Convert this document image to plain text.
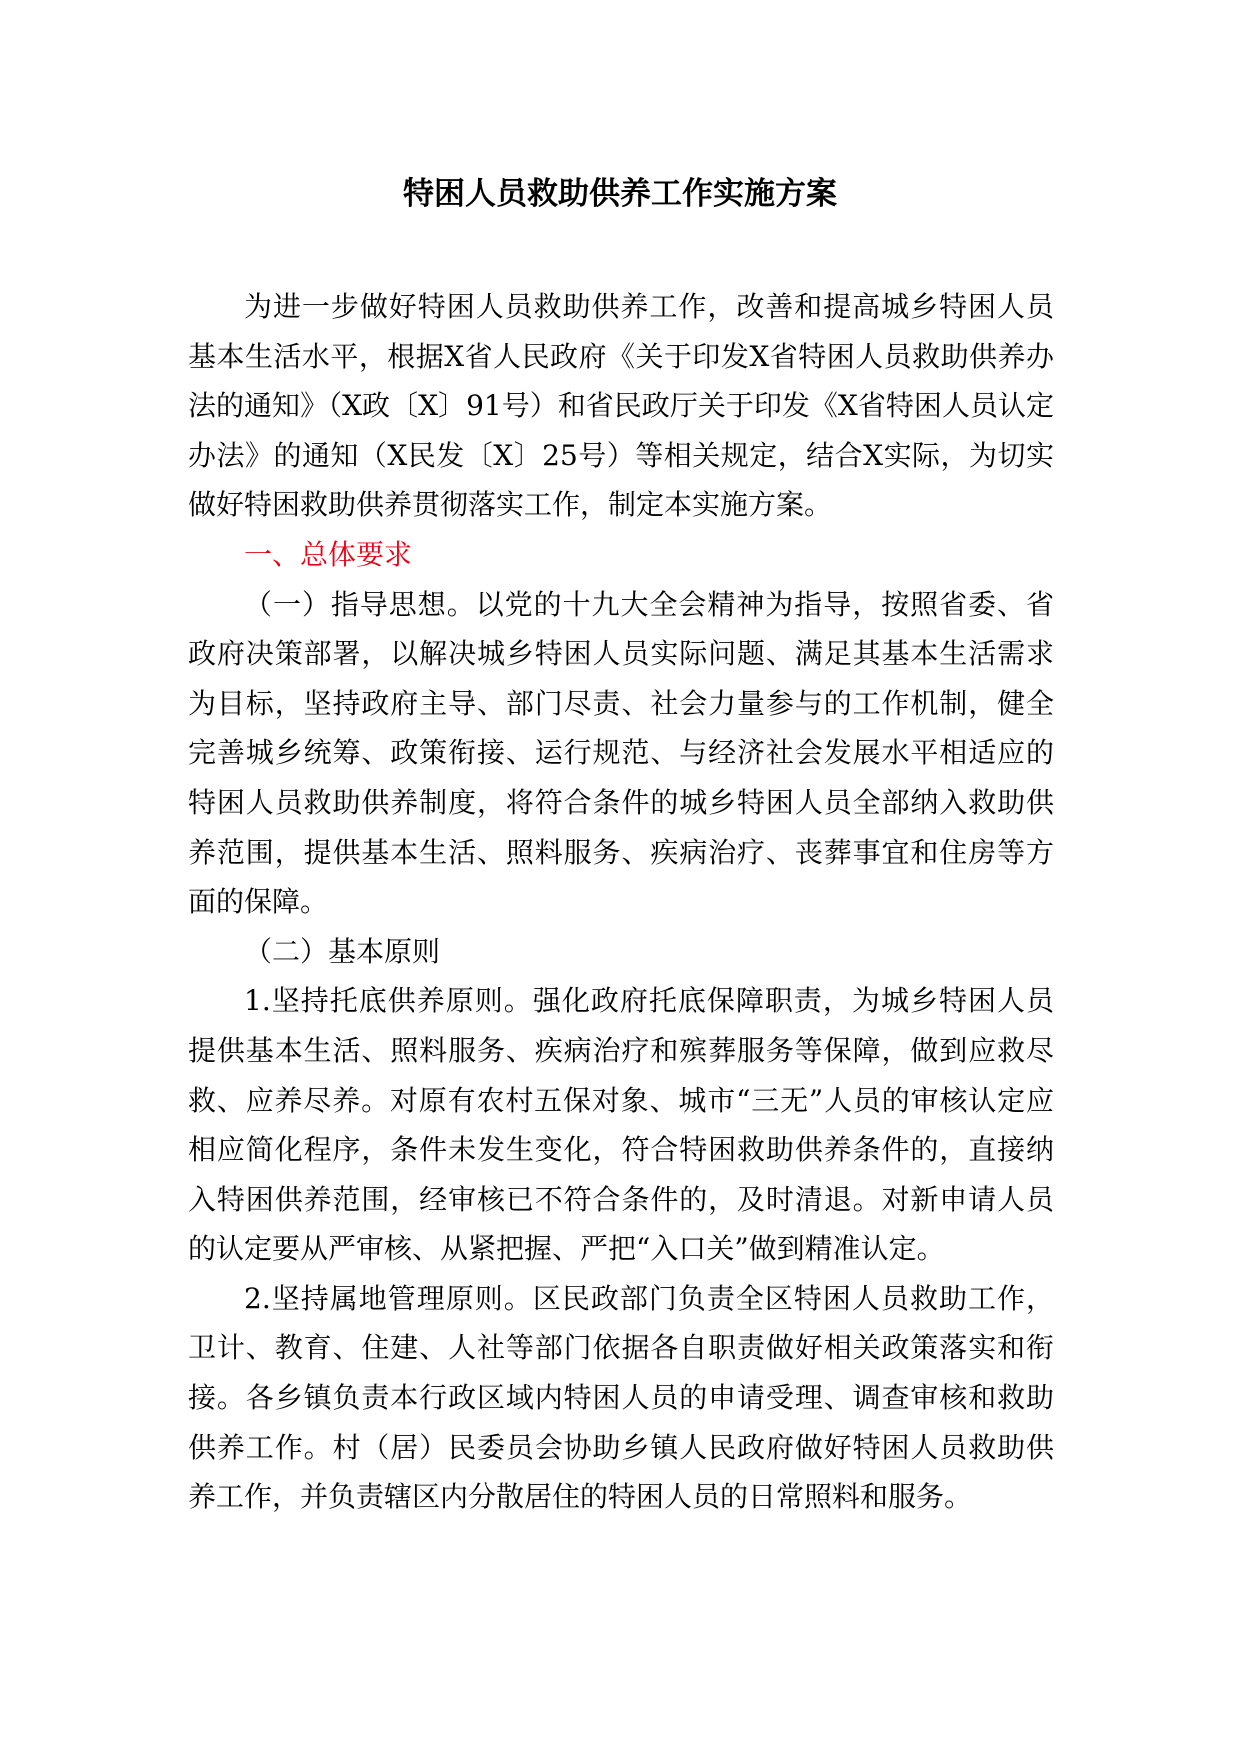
特困人员救助供养工作实施方案

为进一步做好特困人员救助供养工作，改善和提高城乡特困人员基本生活水平，根据X省人民政府《关于印发X省特困人员救助供养办法的通知》（X政〔X〕91号）和省民政厅关于印发《X省特困人员认定办法》的通知（X民发〔X〕25号）等相关规定，结合X实际，为切实做好特困救助供养贯彻落实工作，制定本实施方案。

一、总体要求

（一）指导思想。以党的十九大全会精神为指导，按照省委、省政府决策部署，以解决城乡特困人员实际问题、满足其基本生活需求为目标，坚持政府主导、部门尽责、社会力量参与的工作机制，健全完善城乡统筹、政策衔接、运行规范、与经济社会发展水平相适应的特困人员救助供养制度，将符合条件的城乡特困人员全部纳入救助供养范围，提供基本生活、照料服务、疾病治疗、丧葬事宜和住房等方面的保障。

（二）基本原则

1.坚持托底供养原则。强化政府托底保障职责，为城乡特困人员提供基本生活、照料服务、疾病治疗和殡葬服务等保障，做到应救尽救、应养尽养。对原有农村五保对象、城市“三无”人员的审核认定应相应简化程序，条件未发生变化，符合特困救助供养条件的，直接纳入特困供养范围，经审核已不符合条件的，及时清退。对新申请人员的认定要从严审核、从紧把握、严把“入口关”做到精准认定。

2.坚持属地管理原则。区民政部门负责全区特困人员救助工作，卫计、教育、住建、人社等部门依据各自职责做好相关政策落实和衔接。各乡镇负责本行政区域内特困人员的申请受理、调查审核和救助供养工作。村（居）民委员会协助乡镇人民政府做好特困人员救助供养工作，并负责辖区内分散居住的特困人员的日常照料和服务。
